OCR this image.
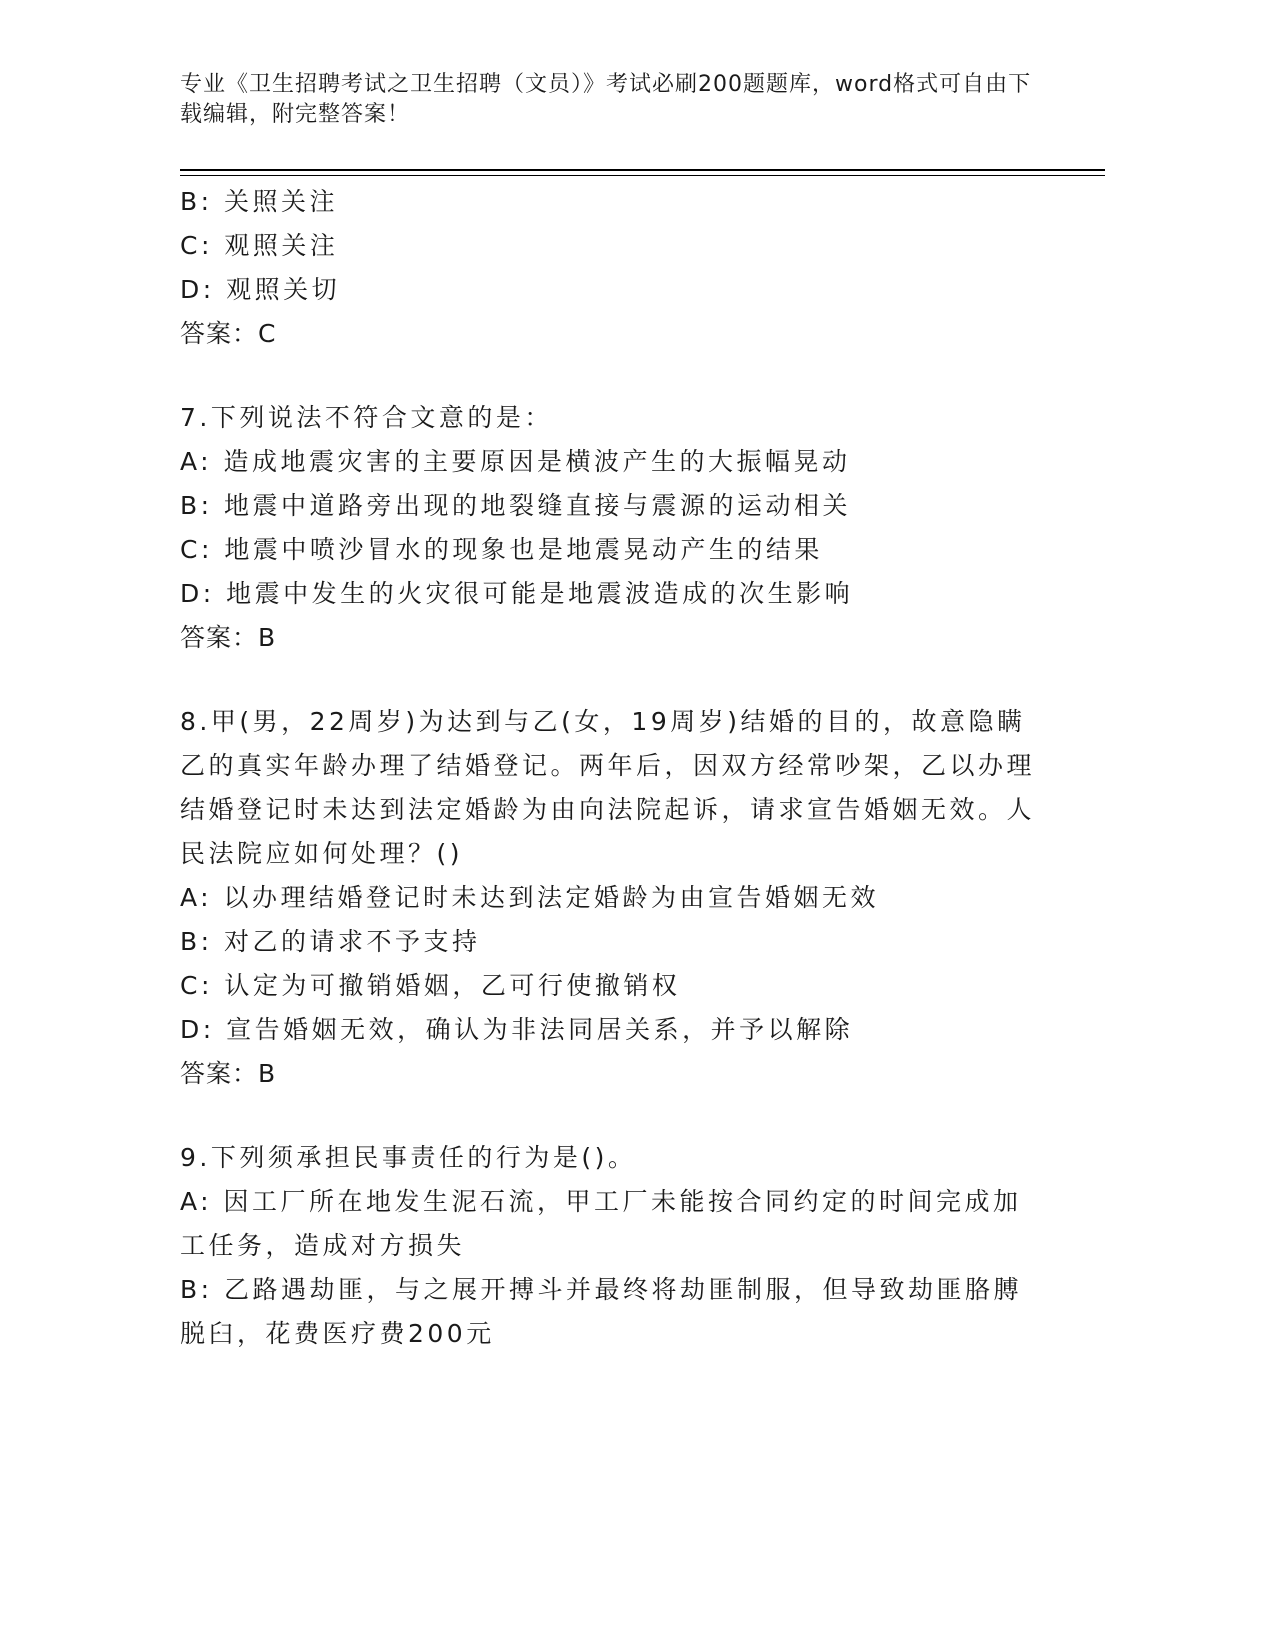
专业《卫生招聘考试之卫生招聘（文员）》考试必刷200题题库，word格式可自由下载编辑，附完整答案！
B: 关照关注
C: 观照关注
D: 观照关切
答案：C
7.下列说法不符合文意的是：
A: 造成地震灾害的主要原因是横波产生的大振幅晃动
B: 地震中道路旁出现的地裂缝直接与震源的运动相关
C: 地震中喷沙冒水的现象也是地震晃动产生的结果
D: 地震中发生的火灾很可能是地震波造成的次生影响
答案：B
8.甲(男，22周岁)为达到与乙(女，19周岁)结婚的目的，故意隐瞒乙的真实年龄办理了结婚登记。两年后，因双方经常吵架，乙以办理结婚登记时未达到法定婚龄为由向法院起诉，请求宣告婚姻无效。人民法院应如何处理？()
A: 以办理结婚登记时未达到法定婚龄为由宣告婚姻无效
B: 对乙的请求不予支持
C: 认定为可撤销婚姻，乙可行使撤销权
D: 宣告婚姻无效，确认为非法同居关系，并予以解除
答案：B
9.下列须承担民事责任的行为是()。
A: 因工厂所在地发生泥石流，甲工厂未能按合同约定的时间完成加工任务，造成对方损失
B: 乙路遇劫匪，与之展开搏斗并最终将劫匪制服，但导致劫匪胳膊脱臼，花费医疗费200元
